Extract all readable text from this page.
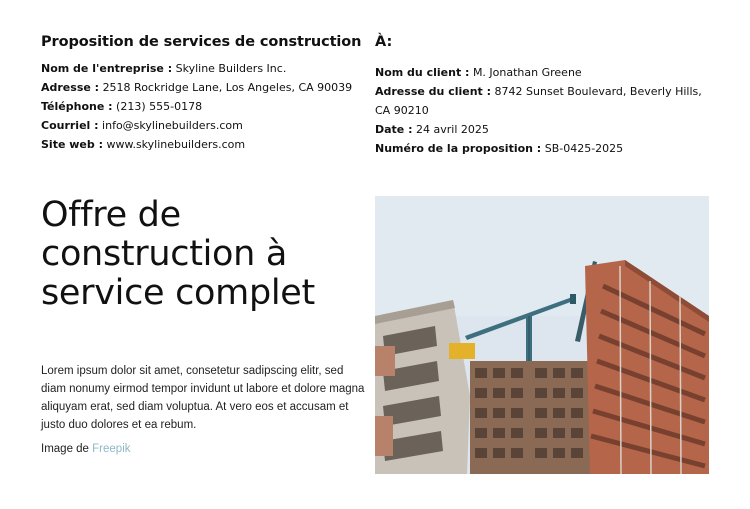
Proposition de services de construction
Nom de l'entreprise : Skyline Builders Inc.
Adresse : 2518 Rockridge Lane, Los Angeles, CA 90039
Téléphone : (213) 555-0178
Courriel : info@skylinebuilders.com
Site web : www.skylinebuilders.com
À:
Nom du client : M. Jonathan Greene
Adresse du client : 8742 Sunset Boulevard, Beverly Hills, CA 90210
Date : 24 avril 2025
Numéro de la proposition : SB-0425-2025
Offre de construction à service complet

Lorem ipsum dolor sit amet, consetetur sadipscing elitr, sed diam nonumy eirmod tempor invidunt ut labore et dolore magna aliquyam erat, sed diam voluptua. At vero eos et accusam et justo duo dolores et ea rebum.

Image de Freepik
